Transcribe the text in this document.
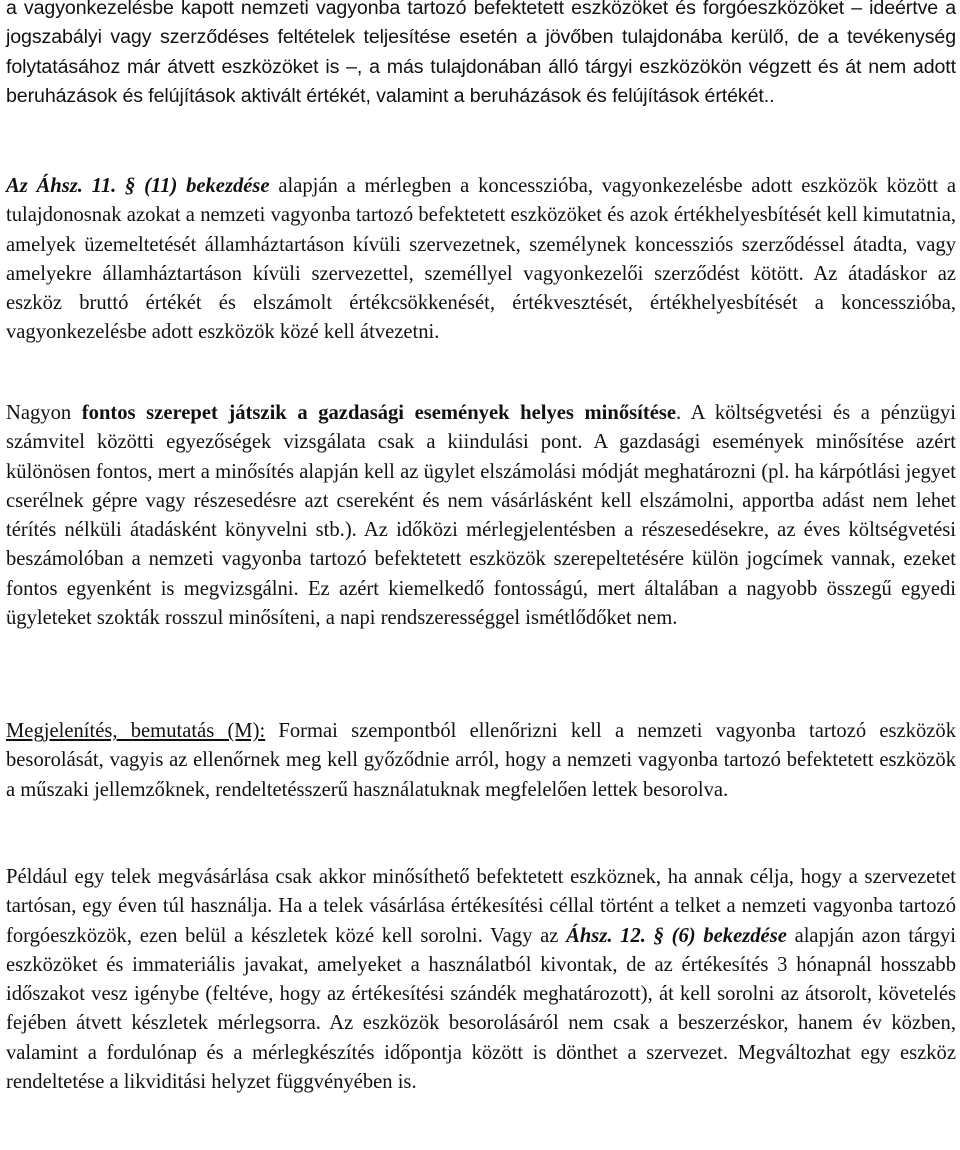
a vagyonkezelésbe kapott nemzeti vagyonba tartozó befektetett eszközöket és forgóeszközöket – ideértve a jogszabályi vagy szerződéses feltételek teljesítése esetén a jövőben tulajdonába kerülő, de a tevékenység folytatásához már átvett eszközöket is –, a más tulajdonában álló tárgyi eszközökön végzett és át nem adott beruházások és felújítások aktivált értékét, valamint a beruházások és felújítások értékét..

Az Áhsz. 11. § (11) bekezdése alapján a mérlegben a koncesszióba, vagyonkezelésbe adott eszközök között a tulajdonosnak azokat a nemzeti vagyonba tartozó befektetett eszközöket és azok értékhelyesbítését kell kimutatnia, amelyek üzemeltetését államháztartáson kívüli szervezetnek, személynek koncessziós szerződéssel átadta, vagy amelyekre államháztartáson kívüli szervezettel, személlyel vagyonkezelői szerződést kötött. Az átadáskor az eszköz bruttó értékét és elszámolt értékcsökkenését, értékvesztését, értékhelyesbítését a koncesszióba, vagyonkezelésbe adott eszközök közé kell átvezetni.

Nagyon fontos szerepet játszik a gazdasági események helyes minősítése. A költségvetési és a pénzügyi számvitel közötti egyezőségek vizsgálata csak a kiindulási pont. A gazdasági események minősítése azért különösen fontos, mert a minősítés alapján kell az ügylet elszámolási módját meghatározni (pl. ha kárpótlási jegyet cserélnek gépre vagy részesedésre azt csereként és nem vásárlásként kell elszámolni, apportba adást nem lehet térítés nélküli átadásként könyvelni stb.). Az időközi mérlegjelentésben a részesedésekre, az éves költségvetési beszámolóban a nemzeti vagyonba tartozó befektetett eszközök szerepeltetésére külön jogcímek vannak, ezeket fontos egyenként is megvizsgálni. Ez azért kiemelkedő fontosságú, mert általában a nagyobb összegű egyedi ügyleteket szokták rosszul minősíteni, a napi rendszerességgel ismétlődőket nem.

Megjelenítés, bemutatás (M): Formai szempontból ellenőrizni kell a nemzeti vagyonba tartozó eszközök besorolását, vagyis az ellenőrnek meg kell győződnie arról, hogy a nemzeti vagyonba tartozó befektetett eszközök a műszaki jellemzőknek, rendeltetésszerű használatuknak megfelelően lettek besorolva.

Például egy telek megvásárlása csak akkor minősíthető befektetett eszköznek, ha annak célja, hogy a szervezetet tartósan, egy éven túl használja. Ha a telek vásárlása értékesítési céllal történt a telket a nemzeti vagyonba tartozó forgóeszközök, ezen belül a készletek közé kell sorolni. Vagy az Áhsz. 12. § (6) bekezdése alapján azon tárgyi eszközöket és immateriális javakat, amelyeket a használatból kivontak, de az értékesítés 3 hónapnál hosszabb időszakot vesz igénybe (feltéve, hogy az értékesítési szándék meghatározott), át kell sorolni az átsorolt, követelés fejében átvett készletek mérlegsorra. Az eszközök besorolásáról nem csak a beszerzéskor, hanem év közben, valamint a fordulónap és a mérlegkészítés időpontja között is dönthet a szervezet. Megváltozhat egy eszköz rendeltetése a likviditási helyzet függvényében is.
